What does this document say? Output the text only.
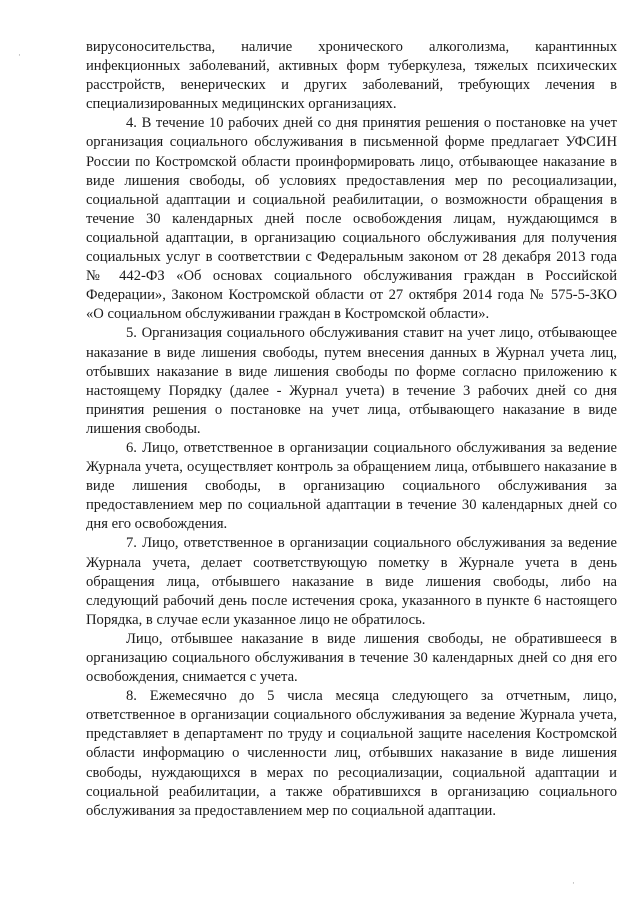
·
·

вирусоносительства, наличие хронического алкоголизма, карантинных инфекционных заболеваний, активных форм туберкулеза, тяжелых психических расстройств, венерических и других заболеваний, требующих лечения в специализированных медицинских организациях.

4. В течение 10 рабочих дней со дня принятия решения о постановке на учет организация социального обслуживания в письменной форме предлагает УФСИН России по Костромской области проинформировать лицо, отбывающее наказание в виде лишения свободы, об условиях предоставления мер по ресоциализации, социальной адаптации и социальной реабилитации, о возможности обращения в течение 30 календарных дней после освобождения лицам, нуждающимся в социальной адаптации, в организацию социального обслуживания для получения социальных услуг в соответствии с Федеральным законом от 28 декабря 2013 года № 442-ФЗ «Об основах социального обслуживания граждан в Российской Федерации», Законом Костромской области от 27 октября 2014 года № 575-5-ЗКО «О социальном обслуживании граждан в Костромской области».

5. Организация социального обслуживания ставит на учет лицо, отбывающее наказание в виде лишения свободы, путем внесения данных в Журнал учета лиц, отбывших наказание в виде лишения свободы по форме согласно приложению к настоящему Порядку (далее - Журнал учета) в течение 3 рабочих дней со дня принятия решения о постановке на учет лица, отбывающего наказание в виде лишения свободы.

6. Лицо, ответственное в организации социального обслуживания за ведение Журнала учета, осуществляет контроль за обращением лица, отбывшего наказание в виде лишения свободы, в организацию социального обслуживания за предоставлением мер по социальной адаптации в течение 30 календарных дней со дня его освобождения.

7. Лицо, ответственное в организации социального обслуживания за ведение Журнала учета, делает соответствующую пометку в Журнале учета в день обращения лица, отбывшего наказание в виде лишения свободы, либо на следующий рабочий день после истечения срока, указанного в пункте 6 настоящего Порядка, в случае если указанное лицо не обратилось.

Лицо, отбывшее наказание в виде лишения свободы, не обратившееся в организацию социального обслуживания в течение 30 календарных дней со дня его освобождения, снимается с учета.

8. Ежемесячно до 5 числа месяца следующего за отчетным, лицо, ответственное в организации социального обслуживания за ведение Журнала учета, представляет в департамент по труду и социальной защите населения Костромской области информацию о численности лиц, отбывших наказание в виде лишения свободы, нуждающихся в мерах по ресоциализации, социальной адаптации и социальной реабилитации, а также обратившихся в организацию социального обслуживания за предоставлением мер по социальной адаптации.
